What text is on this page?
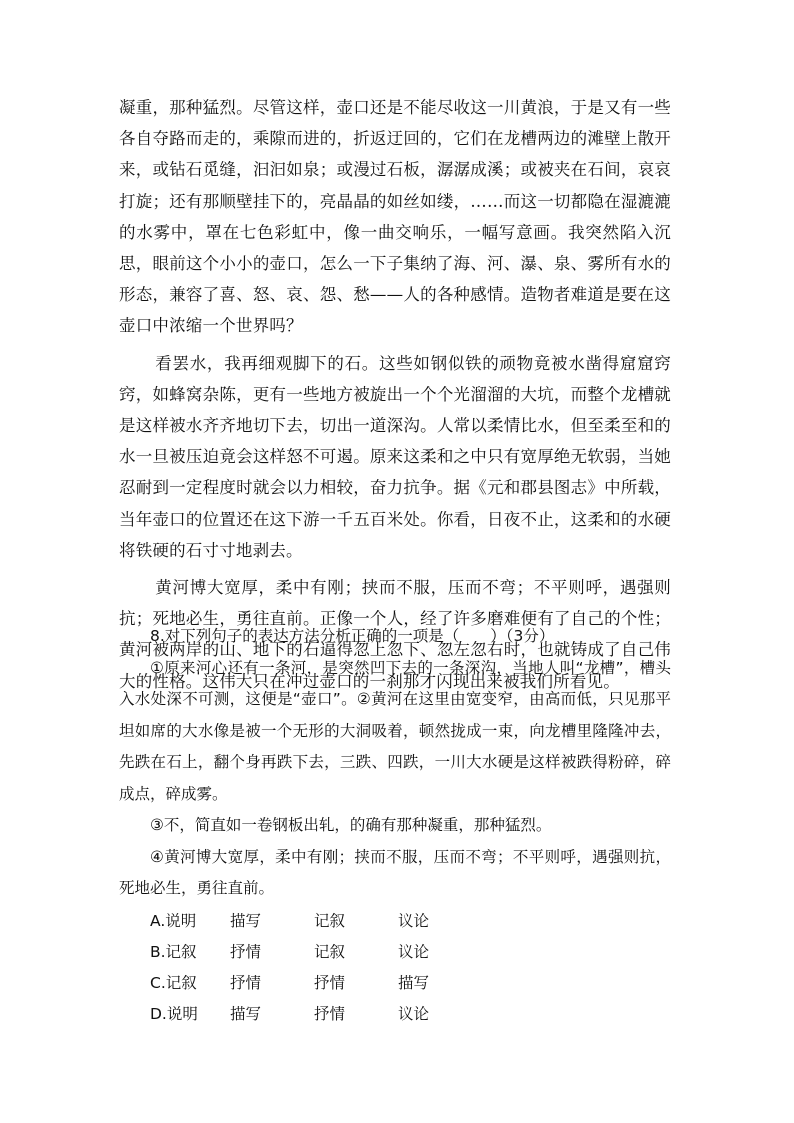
凝重，那种猛烈。尽管这样，壶口还是不能尽收这一川黄浪，于是又有一些各自夺路而走的，乘隙而进的，折返迂回的，它们在龙槽两边的滩壁上散开来，或钻石觅缝，汩汩如泉；或漫过石板，潺潺成溪；或被夹在石间，哀哀打旋；还有那顺壁挂下的，亮晶晶的如丝如缕，……而这一切都隐在湿漉漉的水雾中，罩在七色彩虹中，像一曲交响乐，一幅写意画。我突然陷入沉思，眼前这个小小的壶口，怎么一下子集纳了海、河、瀑、泉、雾所有水的形态，兼容了喜、怒、哀、怨、愁——人的各种感情。造物者难道是要在这壶口中浓缩一个世界吗？

看罢水，我再细观脚下的石。这些如钢似铁的顽物竟被水凿得窟窟窍窍，如蜂窝杂陈，更有一些地方被旋出一个个光溜溜的大坑，而整个龙槽就是这样被水齐齐地切下去，切出一道深沟。人常以柔情比水，但至柔至和的水一旦被压迫竟会这样怒不可遏。原来这柔和之中只有宽厚绝无软弱，当她忍耐到一定程度时就会以力相较，奋力抗争。据《元和郡县图志》中所载，当年壶口的位置还在这下游一千五百米处。你看，日夜不止，这柔和的水硬将铁硬的石寸寸地剥去。

黄河博大宽厚，柔中有刚；挟而不服，压而不弯；不平则呼，遇强则抗；死地必生，勇往直前。正像一个人，经了许多磨难便有了自己的个性；黄河被两岸的山、地下的石逼得忽上忽下、忽左忽右时，也就铸成了自己伟大的性格。这伟大只在冲过壶口的一刹那才闪现出来被我们所看见。

8.对下列句子的表达方法分析正确的一项是（　　）（3分）

①原来河心还有一条河，是突然凹下去的一条深沟，当地人叫“龙槽”，槽头入水处深不可测，这便是“壶口”。②黄河在这里由宽变窄，由高而低，只见那平坦如席的大水像是被一个无形的大洞吸着，顿然拢成一束，向龙槽里隆隆冲去，先跌在石上，翻个身再跌下去，三跌、四跌，一川大水硬是这样被跌得粉碎，碎成点，碎成雾。

③不，简直如一卷钢板出轧，的确有那种凝重，那种猛烈。

④黄河博大宽厚，柔中有刚；挟而不服，压而不弯；不平则呼，遇强则抗，死地必生，勇往直前。

A.说明	描写	记叙	议论
B.记叙	抒情	记叙	议论
C.记叙	抒情	抒情	描写
D.说明	描写	抒情	议论
